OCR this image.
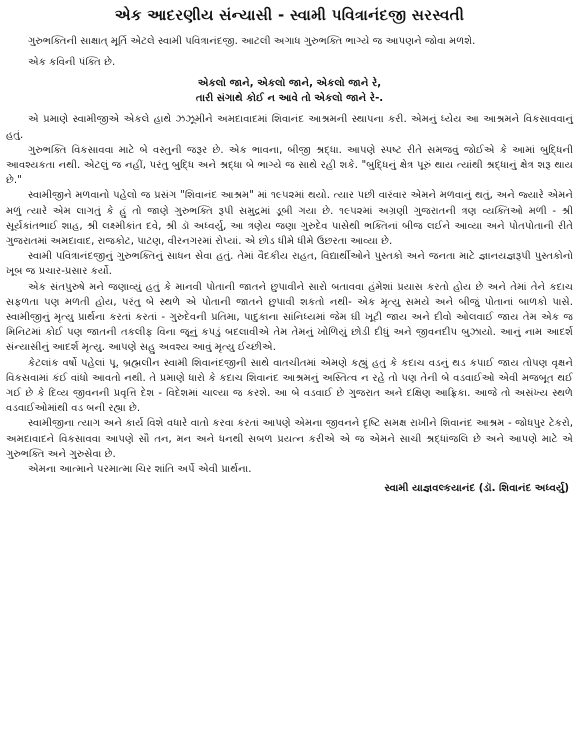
એક આદરણીય સંન્યાસી - સ્વામી પવિત્રાનંદજી સરસ્વતી

ગુરુભક્તિની સાક્ષાત્ મૂર્તિ એટલે સ્વામી પવિત્રાનંદજી. આટલી અગાધ ગુરુભક્તિ ભાગ્યે જ આપણને જોવા મળશે.

એક કવિની પંક્તિ છે.

એકલો જાને, એકલો જાને, એકલો જાને રે,
તારી સંગાથે કોઈ ન આવે તો એકલો જાને રે-.

એ પ્રમાણે સ્વામીજીએ એકલે હાથે ઝઝૂમીને અમદાવાદમાં શિવાનંદ આશ્રમની સ્થાપના કરી. એમનું ધ્યેય આ આશ્રમને વિકસાવવાનું હતું.

ગુરુભક્તિ વિકસાવવા માટે બે વસ્તુની જરૂર છે. એક ભાવના, બીજી શ્રદ્ધા. આપણે સ્પષ્ટ રીતે સમજવું જોઈએ કે આમાં બુદ્ધિની આવશ્યકતા નથી. એટલું જ નહીં, પરંતુ બુદ્ધિ અને શ્રદ્ધા બે ભાગ્યે જ સાથે રહી શકે. "બુદ્ધિનું ક્ષેત્ર પૂરું થાય ત્યાંથી શ્રદ્ધાનું ક્ષેત્ર શરૂ થાય છે."

સ્વામીજીને મળવાનો પહેલો જ પ્રસંગ "શિવાનંદ આશ્રમ" માં ૧૯૫૨માં થયો. ત્યાર પછી વારંવાર એમને મળવાનું થતું, અને જ્યારે એમને મળું ત્યારે એમ લાગતું કે હું તો જાણે ગુરુભક્તિ રૂપી સમુદ્રમાં ડૂબી ગયા છે. ૧૯૫૨માં અગ્રણી ગુજરાતની ત્રણ વ્યક્તિઓ મળી - શ્રી સૂર્યકાંતભાઈ શાહ, શ્રી લક્ષ્મીકાંત દવે, શ્રી ડૉ અધ્વર્યુ, આ ત્રણેય જણા ગુરુદેવ પાસેથી ભક્તિનાં બીજ લઈને આવ્યા અને પોતપોતાની રીતે ગુજરાતમાં અમદાવાદ, રાજકોટ, પાટણ, વીરનગરમાં રોપ્યાં. એ છોડ ધીમે ધીમે ઉછરતા આવ્યા છે.

સ્વામી પવિત્રાનંદજીનું ગુરુભક્તિનું સાધન સેવા હતું. તેમાં વૈદકીય રાહત, વિદ્યાર્થીઓને પુસ્તકો અને જનતા માટે જ્ઞાનયજ્ઞરૂપી પુસ્તકોનો ખૂબ જ પ્રચાર-પ્રસાર કર્યો.

એક સંતપુરુષે મને જણાવ્યું હતું કે માનવી પોતાની જાતને છુપાવીને સારો બતાવવા હંમેશાં પ્રયાસ કરતો હોય છે અને તેમાં તેને કદાચ સફળતા પણ મળતી હોય, પરંતુ બે સ્થળે એ પોતાની જાતને છુપાવી શકતો નથી- એક મૃત્યુ સમયે અને બીજું પોતાનાં બાળકો પાસે. સ્વામીજીનું મૃત્યુ પ્રાર્થના કરતાં કરતાં - ગુરુદેવની પ્રતિમા, પાદુકાના સાંનિધ્યમાં જેમ ઘી ખૂટી જાય અને દીવો ઓલવાઈ જાય તેમ એક જ મિનિટમાં કોઈ પણ જાતની તકલીફ વિના જૂનું કપડું બદલાવીએ તેમ તેમનું ખોળિયું છોડી દીધું અને જીવનદીપ બુઝાયો. આનું નામ આદર્શ સંન્યાસીનું આદર્શ મૃત્યુ. આપણે સહુ અવશ્ય આવું મૃત્યુ ઈચ્છીએ.

કેટલાંક વર્ષો પહેલાં પૂ. બ્રહ્મલીન સ્વામી શિવાનંદજીની સાથે વાતચીતમાં એમણે કહ્યું હતું કે કદાચ વડનું થડ કપાઈ જાય તોપણ વૃક્ષને વિકસવામાં કંઈ વાંધો આવતો નથી. તે પ્રમાણે ધારો કે કદાચ શિવાનંદ આશ્રમનું અસ્તિત્વ ન રહે તો પણ તેની બે વડવાઈઓ એવી મજબૂત થઈ ગઈ છે કે દિવ્ય જીવનની પ્રવૃત્તિ દેશ - વિદેશમાં ચાલ્યા જ કરશે. આ બે વડવાઈ છે ગુજરાત અને દક્ષિણ આફ્રિકા. આજે તો અસંખ્ય સ્થળે વડવાઈઓમાંથી વડ બની રહ્યા છે.

સ્વામીજીના ત્યાગ અને કાર્ય વિશે વધારે વાતો કરવા કરતાં આપણે એમના જીવનને દૃષ્ટિ સમક્ષ રાખીને શિવાનંદ આશ્રમ - જોધપુર ટેકરો, અમદાવાદને વિકસાવવા આપણે સૌ તન, મન અને ધનથી સબળ પ્રયત્ન કરીએ એ જ એમને સાચી શ્રદ્ધાંજલિ છે અને આપણે માટે એ ગુરુભક્તિ અને ગુરુસેવા છે.

એમના આત્માને પરમાત્મા ચિર શાંતિ અર્પે એવી પ્રાર્થના.

સ્વામી યાજ્ઞવલ્કયાનંદ (ડૉ. શિવાનંદ અધ્વર્યુ)
